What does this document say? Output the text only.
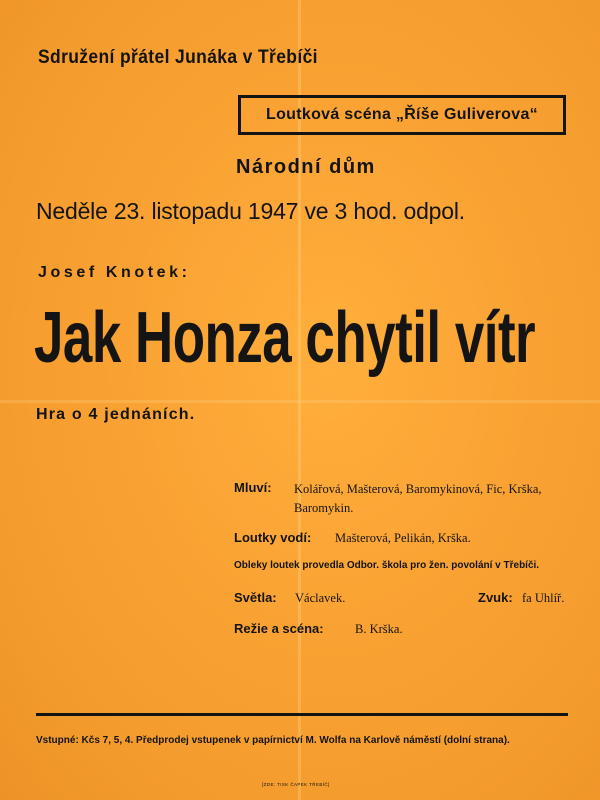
Sdružení přátel Junáka v Třebíči
Loutková scéna „Říše Guliverova“
Národní dům
Neděle 23. listopadu 1947 ve 3 hod. odpol.
Josef Knotek:
Jak Honza chytil vítr
Hra o 4 jednáních.
Mluví: Kolářová, Mašterová, Baromykinová, Fic, Krška, Baromykin.
Loutky vodí: Mašterová, Pelikán, Krška.
Obleky loutek provedla Odbor. škola pro žen. povolání v Třebíči.
Světla: Václavek.	Zvuk: fa Uhlíř.
Režie a scéna:	B. Krška.
Vstupné: Kčs 7, 5, 4. Předprodej vstupenek v papírnictví M. Wolfa na Karlově náměstí (dolní strana).
[ZDE: TISK ČAPEK TŘEBÍČ]
